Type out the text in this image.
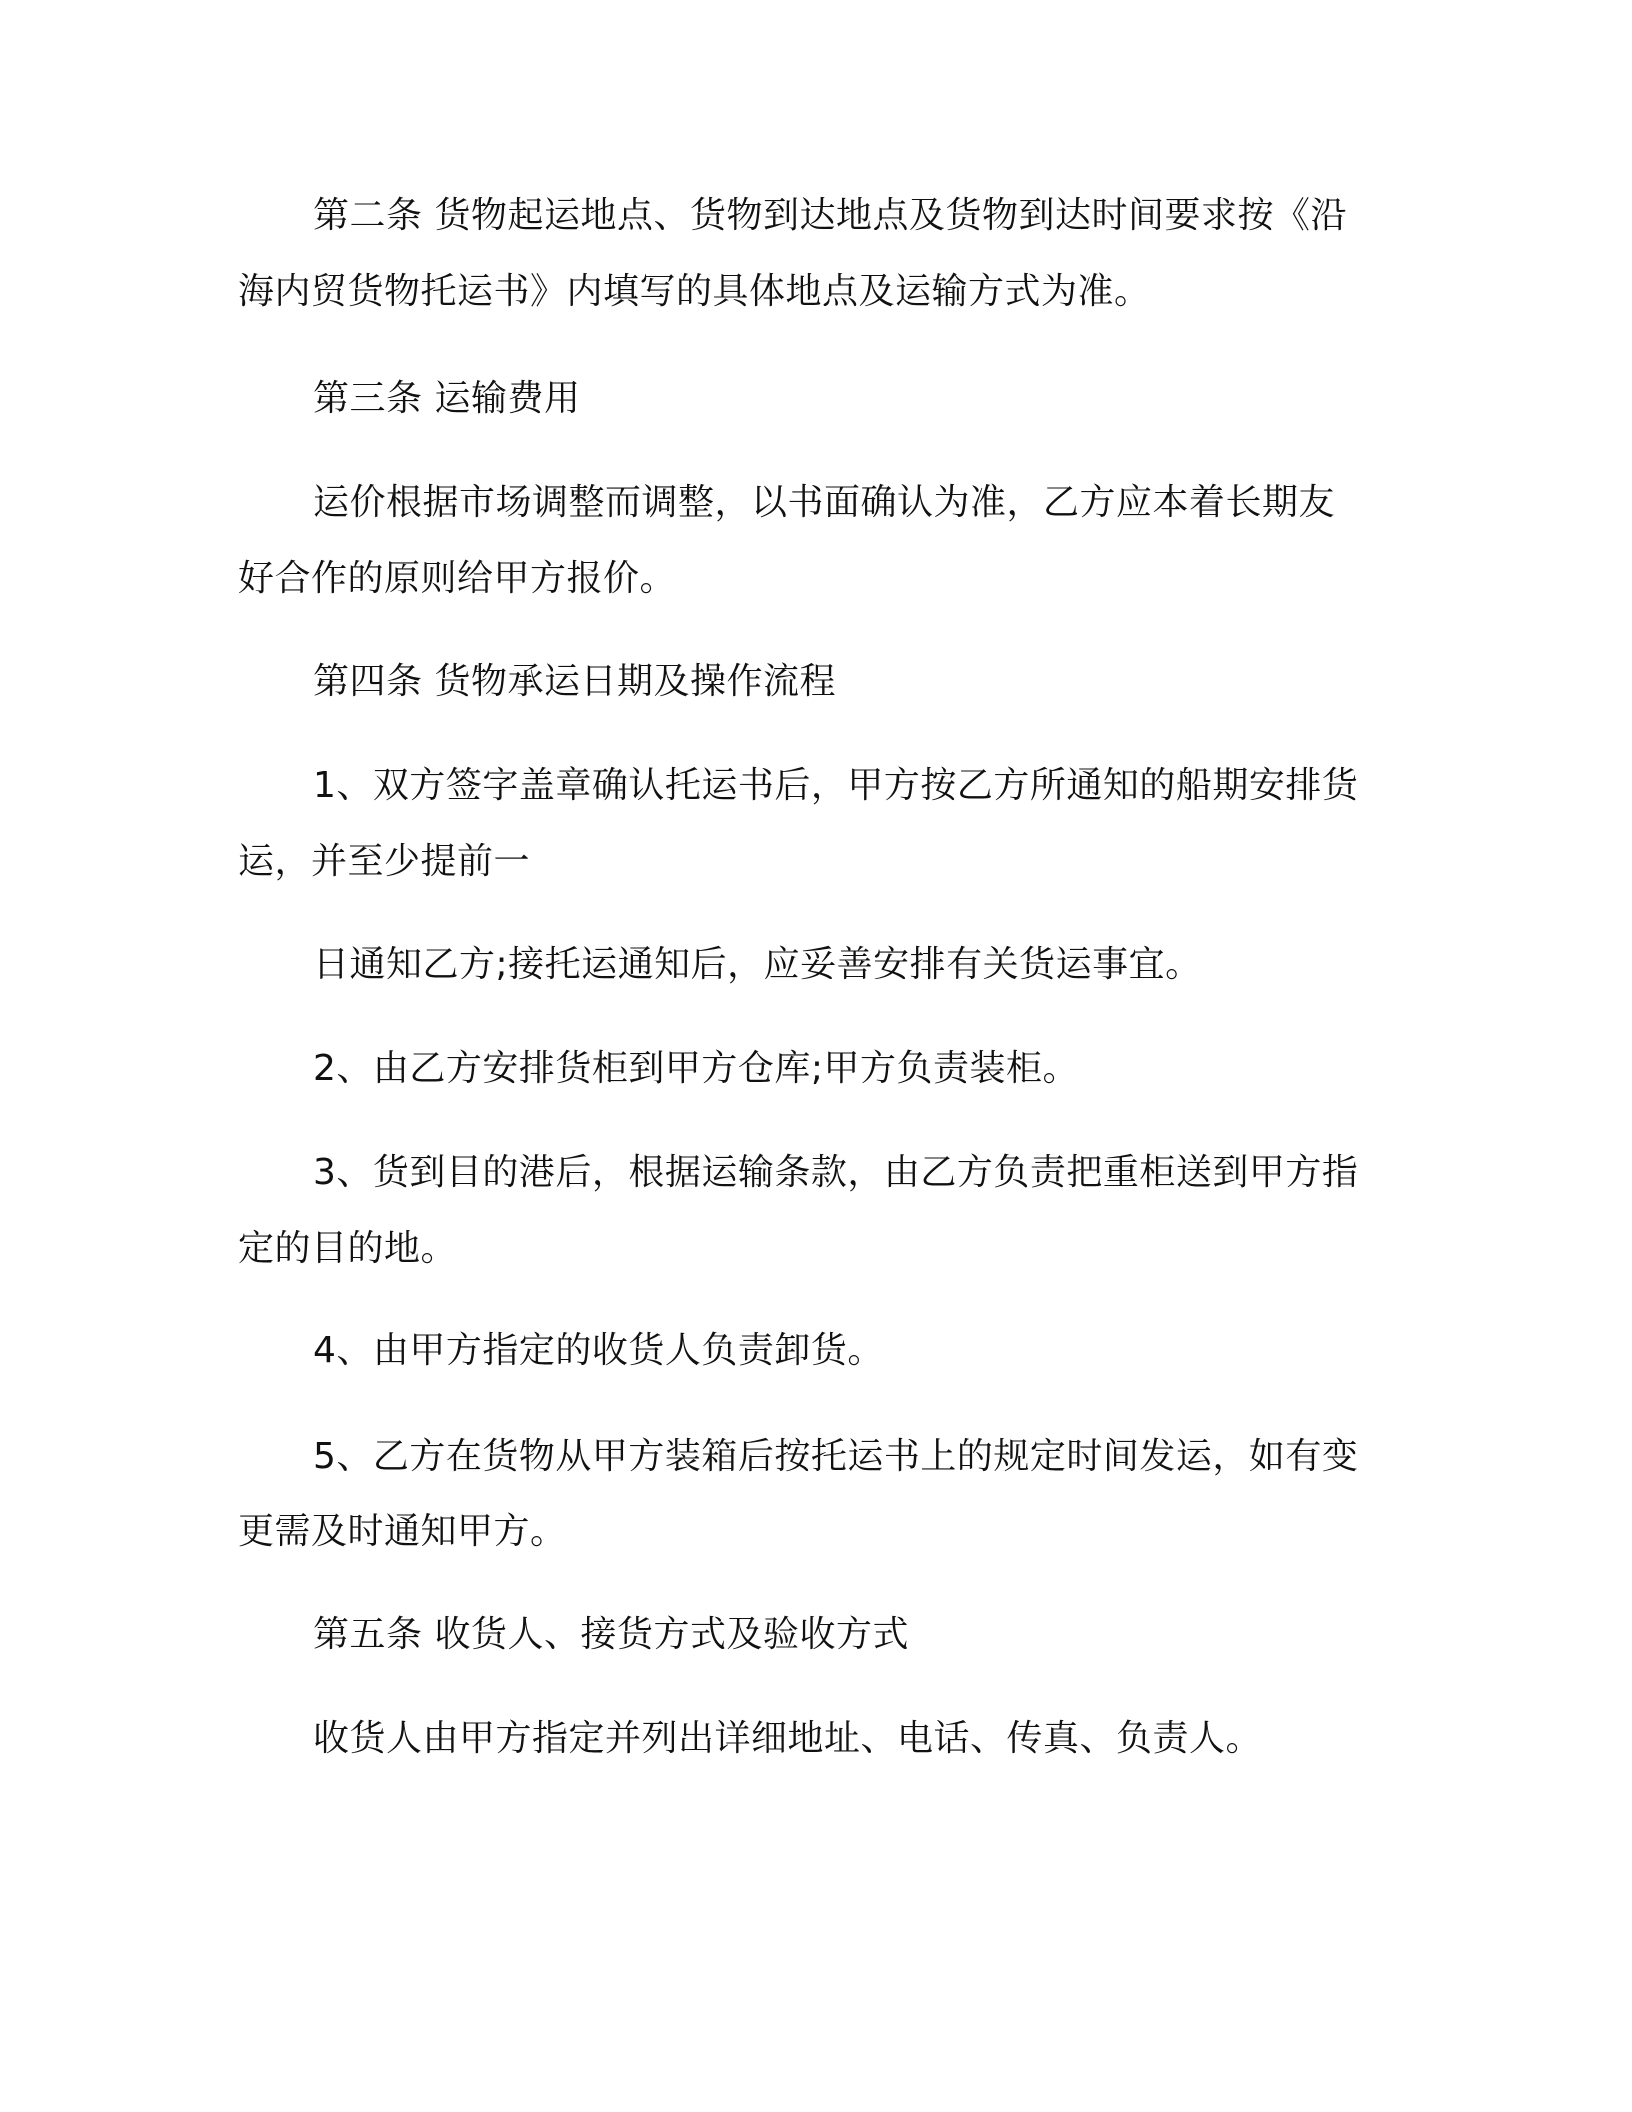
第二条 货物起运地点、货物到达地点及货物到达时间要求按《沿

海内贸货物托运书》内填写的具体地点及运输方式为准。

第三条 运输费用

运价根据市场调整而调整，以书面确认为准，乙方应本着长期友

好合作的原则给甲方报价。

第四条 货物承运日期及操作流程

1、双方签字盖章确认托运书后，甲方按乙方所通知的船期安排货

运，并至少提前一

日通知乙方;接托运通知后，应妥善安排有关货运事宜。

2、由乙方安排货柜到甲方仓库;甲方负责装柜。

3、货到目的港后，根据运输条款，由乙方负责把重柜送到甲方指

定的目的地。

4、由甲方指定的收货人负责卸货。

5、乙方在货物从甲方装箱后按托运书上的规定时间发运，如有变

更需及时通知甲方。

第五条 收货人、接货方式及验收方式

收货人由甲方指定并列出详细地址、电话、传真、负责人。
